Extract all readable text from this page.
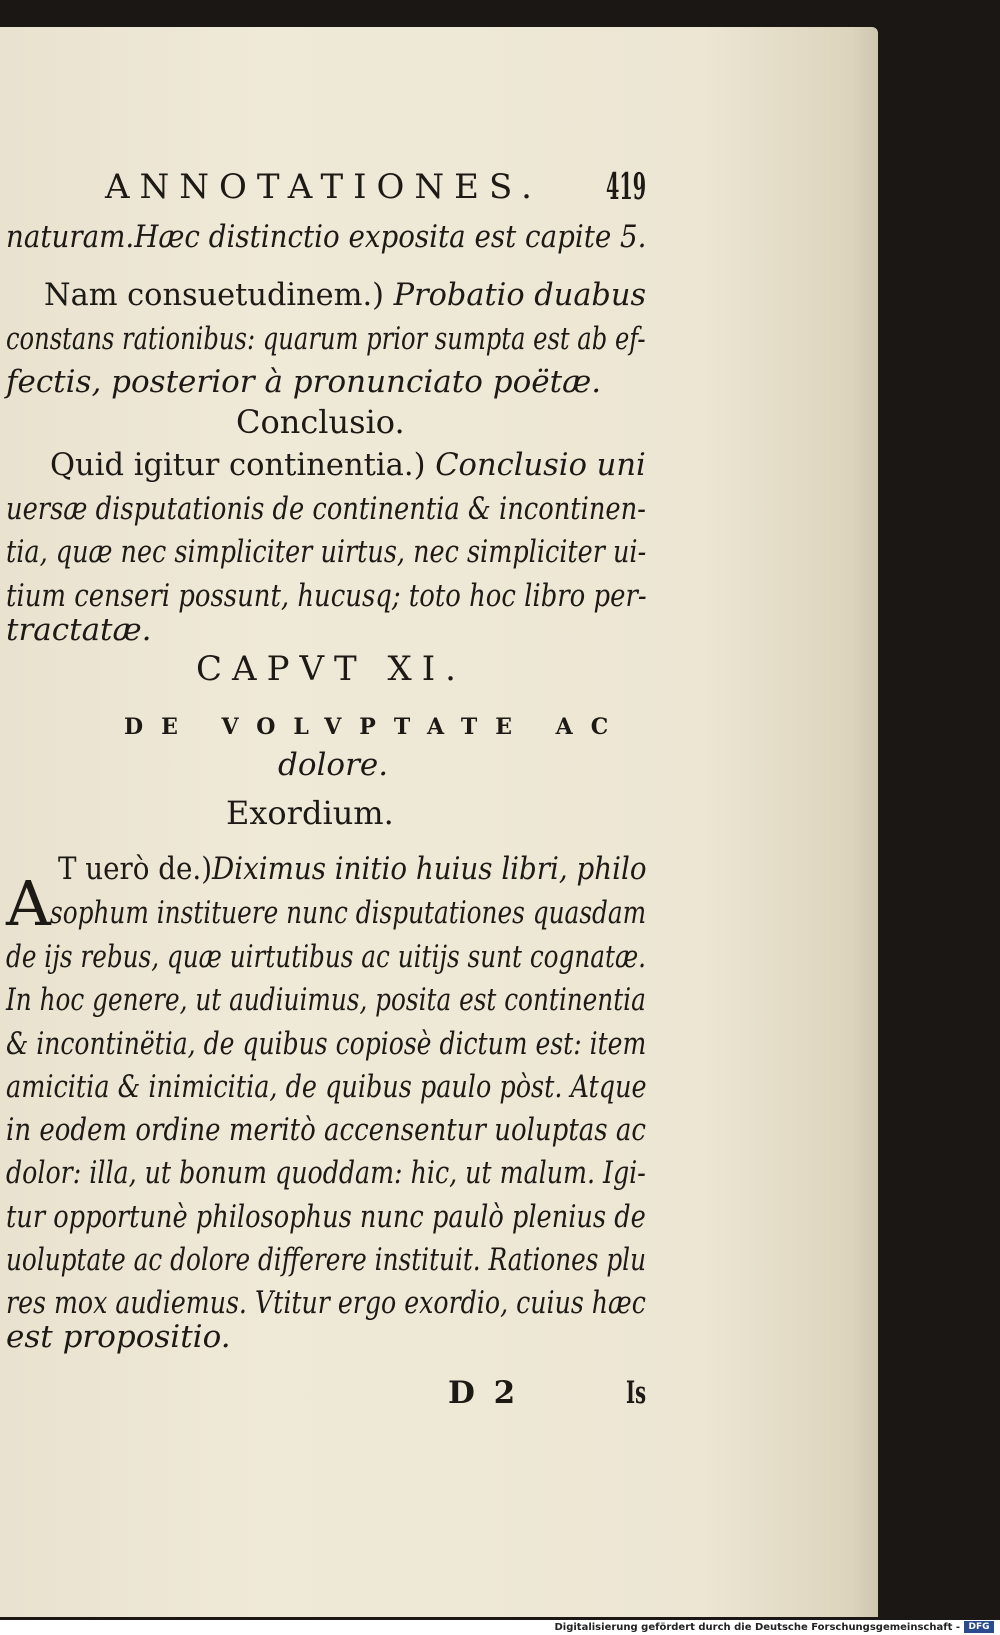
ANNOTATIONES. 419
naturam.Hæc distinctio exposita est capite 5.
Nam consuetudinem.) Probatio duabus
constans rationibus: quarum prior sumpta est ab ef-
fectis, posterior à pronunciato poëtæ.
Conclusio.
Quid igitur continentia.) Conclusio uni
uersæ disputationis de continentia & incontinen-
tia, quæ nec simpliciter uirtus, nec simpliciter ui-
tium censeri possunt, hucusq; toto hoc libro per-
tractatæ.
CAPVT XI.
DE VOLVPTATE AC
dolore.
Exordium.
A T uerò de.)Diximus initio huius libri, philo
sophum instituere nunc disputationes quasdam
de ijs rebus, quæ uirtutibus ac uitijs sunt cognatæ.
In hoc genere, ut audiuimus, posita est continentia
& incontinëtia, de quibus copiosè dictum est: item
amicitia & inimicitia, de quibus paulo pòst. Atque
in eodem ordine meritò accensentur uoluptas ac
dolor: illa, ut bonum quoddam: hic, ut malum. Igi-
tur opportunè philosophus nunc paulò plenius de
uoluptate ac dolore differere instituit. Rationes plu
res mox audiemus. Vtitur ergo exordio, cuius hæc
est propositio.
D 2	Is
Digitalisierung gefördert durch die Deutsche Forschungsgemeinschaft - DFG
